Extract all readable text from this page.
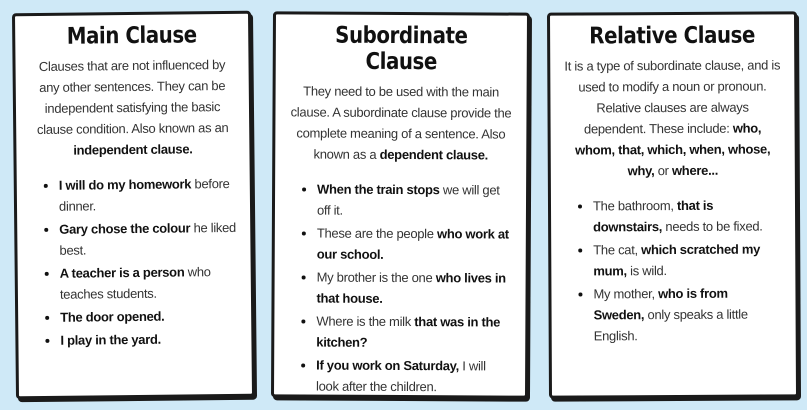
Main Clause
Clauses that are not influenced by any other sentences. They can be independent satisfying the basic clause condition. Also known as an independent clause.
• I will do my homework before dinner.
• Gary chose the colour he liked best.
• A teacher is a person who teaches students.
• The door opened.
• I play in the yard.
Subordinate Clause
They need to be used with the main clause. A subordinate clause provide the complete meaning of a sentence. Also known as a dependent clause.
• When the train stops we will get off it.
• These are the people who work at our school.
• My brother is the one who lives in that house.
• Where is the milk that was in the kitchen?
• If you work on Saturday, I will look after the children.
Relative Clause
It is a type of subordinate clause, and is used to modify a noun or pronoun. Relative clauses are always dependent. These include: who, whom, that, which, when, whose, why, or where...
• The bathroom, that is downstairs, needs to be fixed.
• The cat, which scratched my mum, is wild.
• My mother, who is from Sweden, only speaks a little English.
